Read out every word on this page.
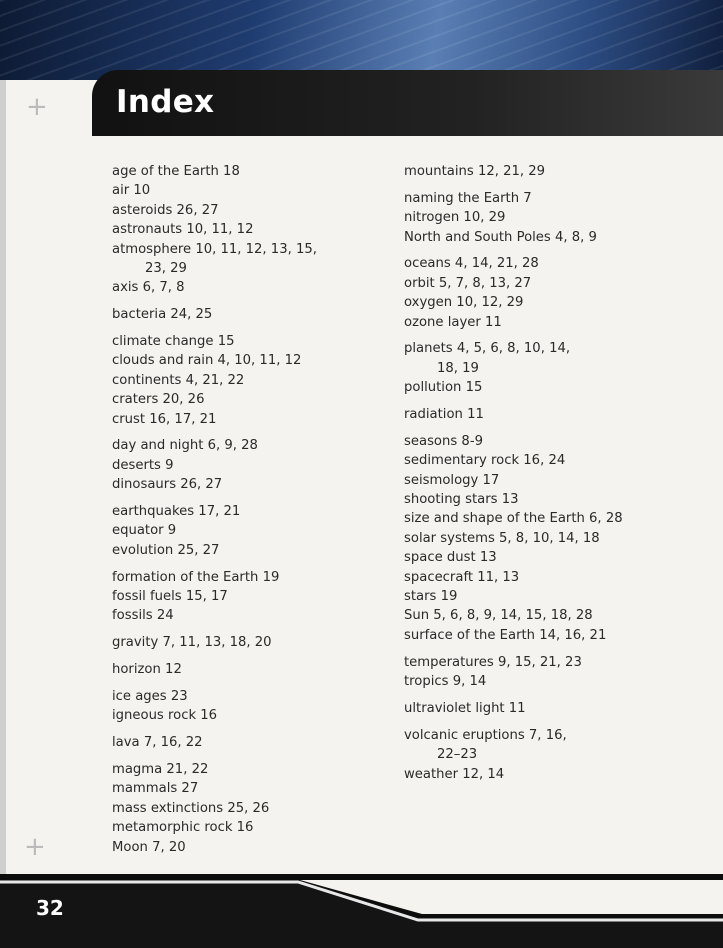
Index
+
+
age of the Earth 18
air 10
asteroids 26, 27
astronauts 10, 11, 12
atmosphere 10, 11, 12, 13, 15,
23, 29
axis 6, 7, 8
bacteria 24, 25
climate change 15
clouds and rain 4, 10, 11, 12
continents 4, 21, 22
craters 20, 26
crust 16, 17, 21
day and night 6, 9, 28
deserts 9
dinosaurs 26, 27
earthquakes 17, 21
equator 9
evolution 25, 27
formation of the Earth 19
fossil fuels 15, 17
fossils 24
gravity 7, 11, 13, 18, 20
horizon 12
ice ages 23
igneous rock 16
lava 7, 16, 22
magma 21, 22
mammals 27
mass extinctions 25, 26
metamorphic rock 16
Moon 7, 20
mountains 12, 21, 29
naming the Earth 7
nitrogen 10, 29
North and South Poles 4, 8, 9
oceans 4, 14, 21, 28
orbit 5, 7, 8, 13, 27
oxygen 10, 12, 29
ozone layer 11
planets 4, 5, 6, 8, 10, 14,
18, 19
pollution 15
radiation 11
seasons 8-9
sedimentary rock 16, 24
seismology 17
shooting stars 13
size and shape of the Earth 6, 28
solar systems 5, 8, 10, 14, 18
space dust 13
spacecraft 11, 13
stars 19
Sun 5, 6, 8, 9, 14, 15, 18, 28
surface of the Earth 14, 16, 21
temperatures 9, 15, 21, 23
tropics 9, 14
ultraviolet light 11
volcanic eruptions 7, 16,
22–23
weather 12, 14
32
